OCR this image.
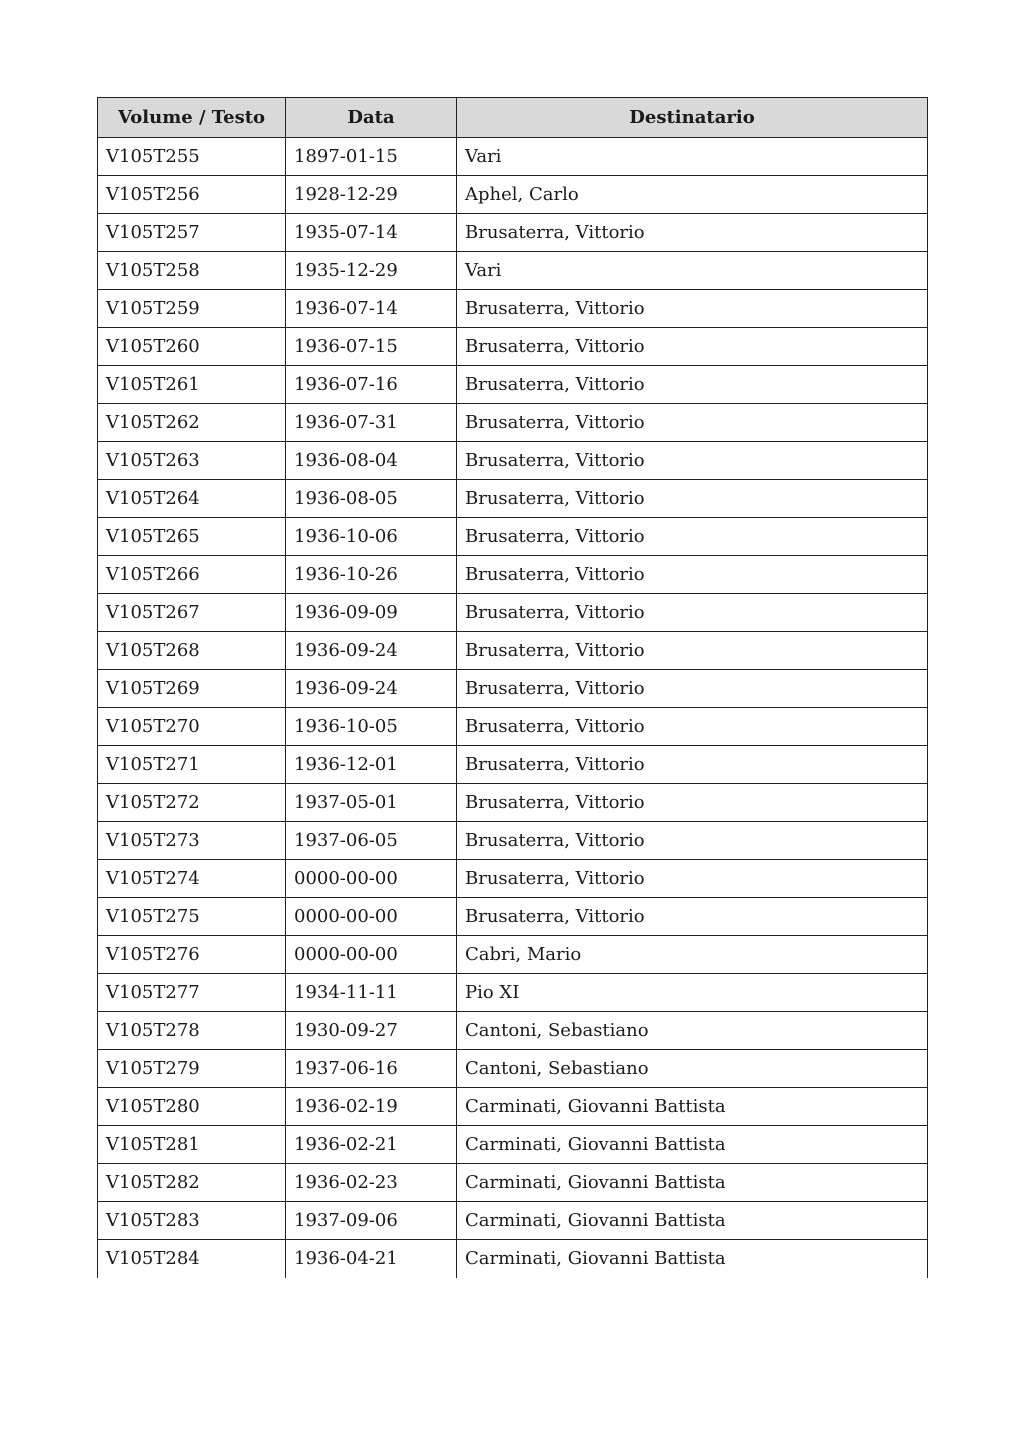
Volume / Testo	Data	Destinatario
V105T255	1897-01-15	Vari
V105T256	1928-12-29	Aphel, Carlo
V105T257	1935-07-14	Brusaterra, Vittorio
V105T258	1935-12-29	Vari
V105T259	1936-07-14	Brusaterra, Vittorio
V105T260	1936-07-15	Brusaterra, Vittorio
V105T261	1936-07-16	Brusaterra, Vittorio
V105T262	1936-07-31	Brusaterra, Vittorio
V105T263	1936-08-04	Brusaterra, Vittorio
V105T264	1936-08-05	Brusaterra, Vittorio
V105T265	1936-10-06	Brusaterra, Vittorio
V105T266	1936-10-26	Brusaterra, Vittorio
V105T267	1936-09-09	Brusaterra, Vittorio
V105T268	1936-09-24	Brusaterra, Vittorio
V105T269	1936-09-24	Brusaterra, Vittorio
V105T270	1936-10-05	Brusaterra, Vittorio
V105T271	1936-12-01	Brusaterra, Vittorio
V105T272	1937-05-01	Brusaterra, Vittorio
V105T273	1937-06-05	Brusaterra, Vittorio
V105T274	0000-00-00	Brusaterra, Vittorio
V105T275	0000-00-00	Brusaterra, Vittorio
V105T276	0000-00-00	Cabri, Mario
V105T277	1934-11-11	Pio XI
V105T278	1930-09-27	Cantoni, Sebastiano
V105T279	1937-06-16	Cantoni, Sebastiano
V105T280	1936-02-19	Carminati, Giovanni Battista
V105T281	1936-02-21	Carminati, Giovanni Battista
V105T282	1936-02-23	Carminati, Giovanni Battista
V105T283	1937-09-06	Carminati, Giovanni Battista
V105T284	1936-04-21	Carminati, Giovanni Battista
